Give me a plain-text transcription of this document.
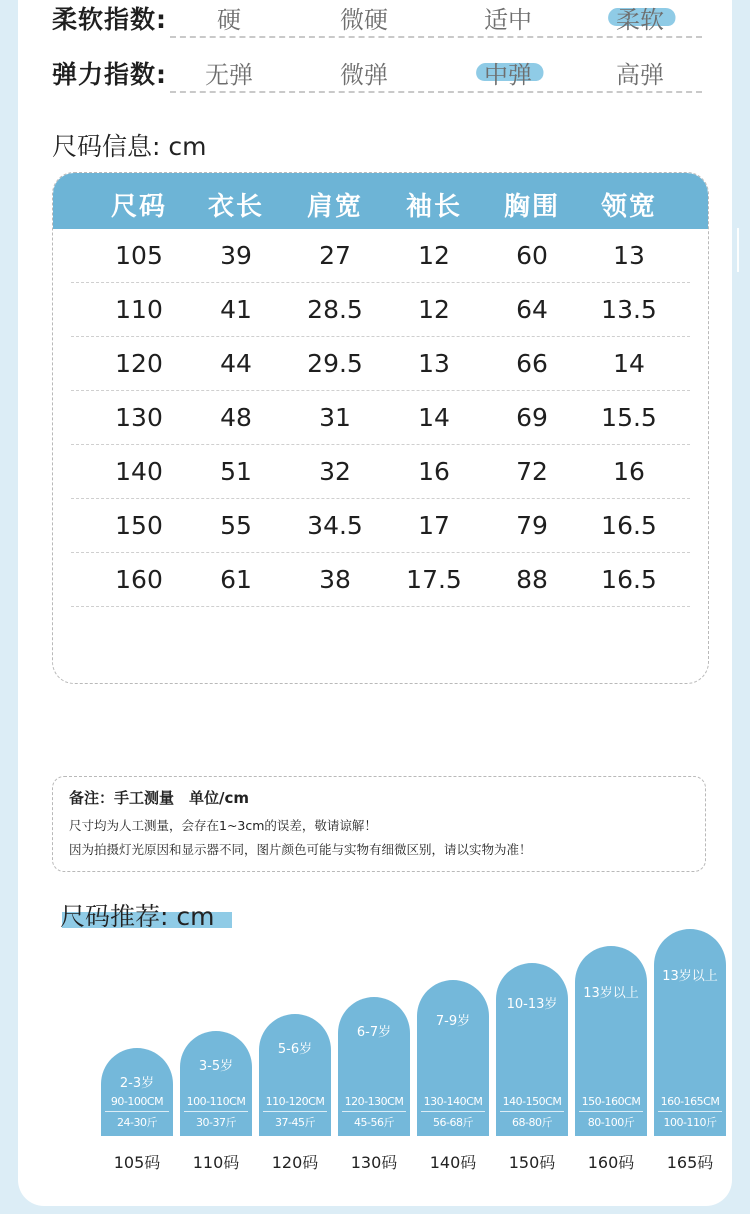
柔软指数: 硬	微硬	适中	柔软
弹力指数: 无弹	微弹	中弹	高弹
尺码信息: cm
尺码 衣长 肩宽 袖长 胸围 领宽
105 39	27	12	60	13
110 41 28.5 12	64 13.5
120 44 29.5 13	66	14
130 48	31	14	69 15.5
140 51	32	16	72	16
150 55 34.5 17	79 16.5
160 61	38 17.5 88 16.5
备注：手工测量　单位/cm
尺寸均为人工测量，会存在1~3cm的误差，敬请谅解！
因为拍摄灯光原因和显示器不同，图片颜色可能与实物有细微区别，请以实物为准！
尺码推荐: cm
2-3岁
90-100CM
24-30斤
105码
3-5岁
100-110CM
30-37斤
110码
5-6岁
110-120CM
37-45斤
120码
6-7岁
120-130CM
45-56斤
130码
7-9岁
130-140CM
56-68斤
140码
10-13岁
140-150CM
68-80斤
150码
13岁以上
150-160CM
80-100斤
160码
13岁以上
160-165CM
100-110斤
165码
